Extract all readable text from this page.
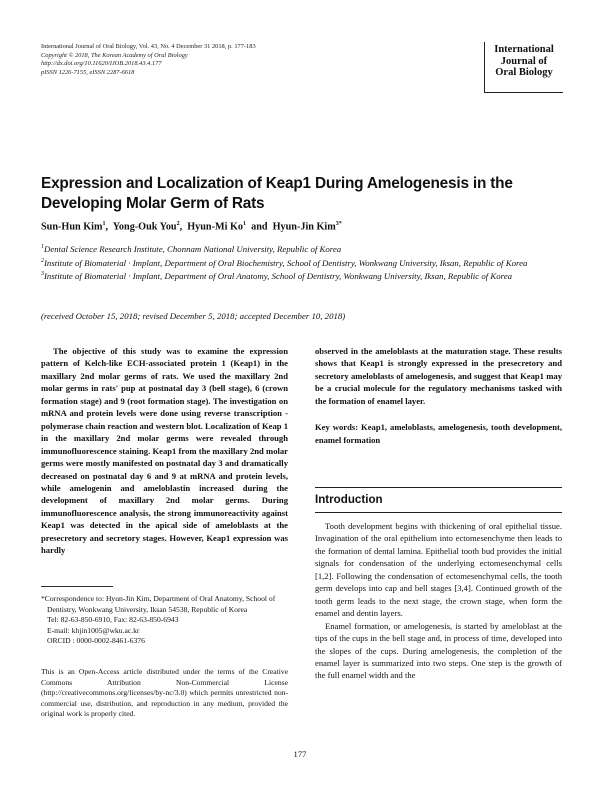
International Journal of Oral Biology, Vol. 43, No. 4 December 31 2018, p. 177-183
Copyright © 2018, The Korean Academy of Oral Biology
http://dx.doi.org/10.11620/IJOB.2018.43.4.177
pISSN 1226-7155, eISSN 2287-6618
International
Journal of
Oral Biology
Expression and Localization of Keap1 During Amelogenesis in the Developing Molar Germ of Rats
Sun-Hun Kim$^1$,  Yong-Ouk You$^2$,  Hyun-Mi Ko$^1$ and Hyun-Jin Kim$^{3*}$

$^1$Dental Science Research Institute, Chonnam National University, Republic of Korea

$^2$Institute of Biomaterial · Implant, Department of Oral Biochemistry, School of Dentistry, Wonkwang University, Iksan, Republic of Korea

$^3$Institute of Biomaterial · Implant, Department of Oral Anatomy, School of Dentistry, Wonkwang University, Iksan, Republic of Korea

(received October 15, 2018; revised December 5, 2018; accepted December 10, 2018)

The objective of this study was to examine the expression pattern of Kelch-like ECH-associated protein 1 (Keap1) in the maxillary 2nd molar germs of rats. We used the maxillary 2nd molar germs in rats' pup at postnatal day 3 (bell stage), 6 (crown formation stage) and 9 (root formation stage). The investigation on mRNA and protein levels were done using reverse transcription - polymerase chain reaction and western blot. Localization of Keap 1 in the maxillary 2nd molar germs were revealed through immunofluorescence staining. Keap1 from the maxillary 2nd molar germs were mostly manifested on postnatal day 3 and dramatically decreased on postnatal day 6 and 9 at mRNA and protein levels, while amelogenin and ameloblastin increased during the development of maxillary 2nd molar germs. During immunofluorescence analysis, the strong immunoreactivity against Keap1 was detected in the apical side of ameloblasts at the presecretory and secretory stages. However, Keap1 expression was hardly

observed in the ameloblasts at the maturation stage. These results shows that Keap1 is strongly expressed in the presecretory and secretory ameloblasts of amelogenesis, and suggest that Keap1 may be a crucial molecule for the regulatory mechanisms tasked with the formation of enamel layer.

Key words: Keap1, ameloblasts, amelogenesis, tooth development, enamel formation

Introduction

Tooth development begins with thickening of oral epithelial tissue. Invagination of the oral epithelium into ectomesenchyme then leads to the formation of dental lamina. Epithelial tooth bud provides the initial signals for condensation of the underlying ectomesenchymal cells [1,2]. Following the condensation of ectomesenchymal cells, the tooth germ develops into cap and bell stages [3,4]. Continued growth of the tooth germ leads to the next stage, the crown stage, when form the enamel and dentin layers.

Enamel formation, or amelogenesis, is started by ameloblast at the tips of the cups in the bell stage and, in process of time, developed into the slopes of the cups. During amelogenesis, the completion of the enamel layer is summarized into two steps. One step is the growth of the full enamel width and the

*Correspondence to: Hyun-Jin Kim, Department of Oral Anatomy, School of Dentistry, Wonkwang University, Iksan 54538, Republic of Korea

Tel: 82-63-850-6910, Fax: 82-63-850-6943

E-mail: khjin1005@wku.ac.kr

ORCID : 0000-0002-8461-6376

This is an Open-Access article distributed under the terms of the Creative Commons Attribution Non-Commercial License (http://creativecommons.org/licenses/by-nc/3.0) which permits unrestricted non-commercial use, distribution, and reproduction in any medium, provided the original work is properly cited.
177
